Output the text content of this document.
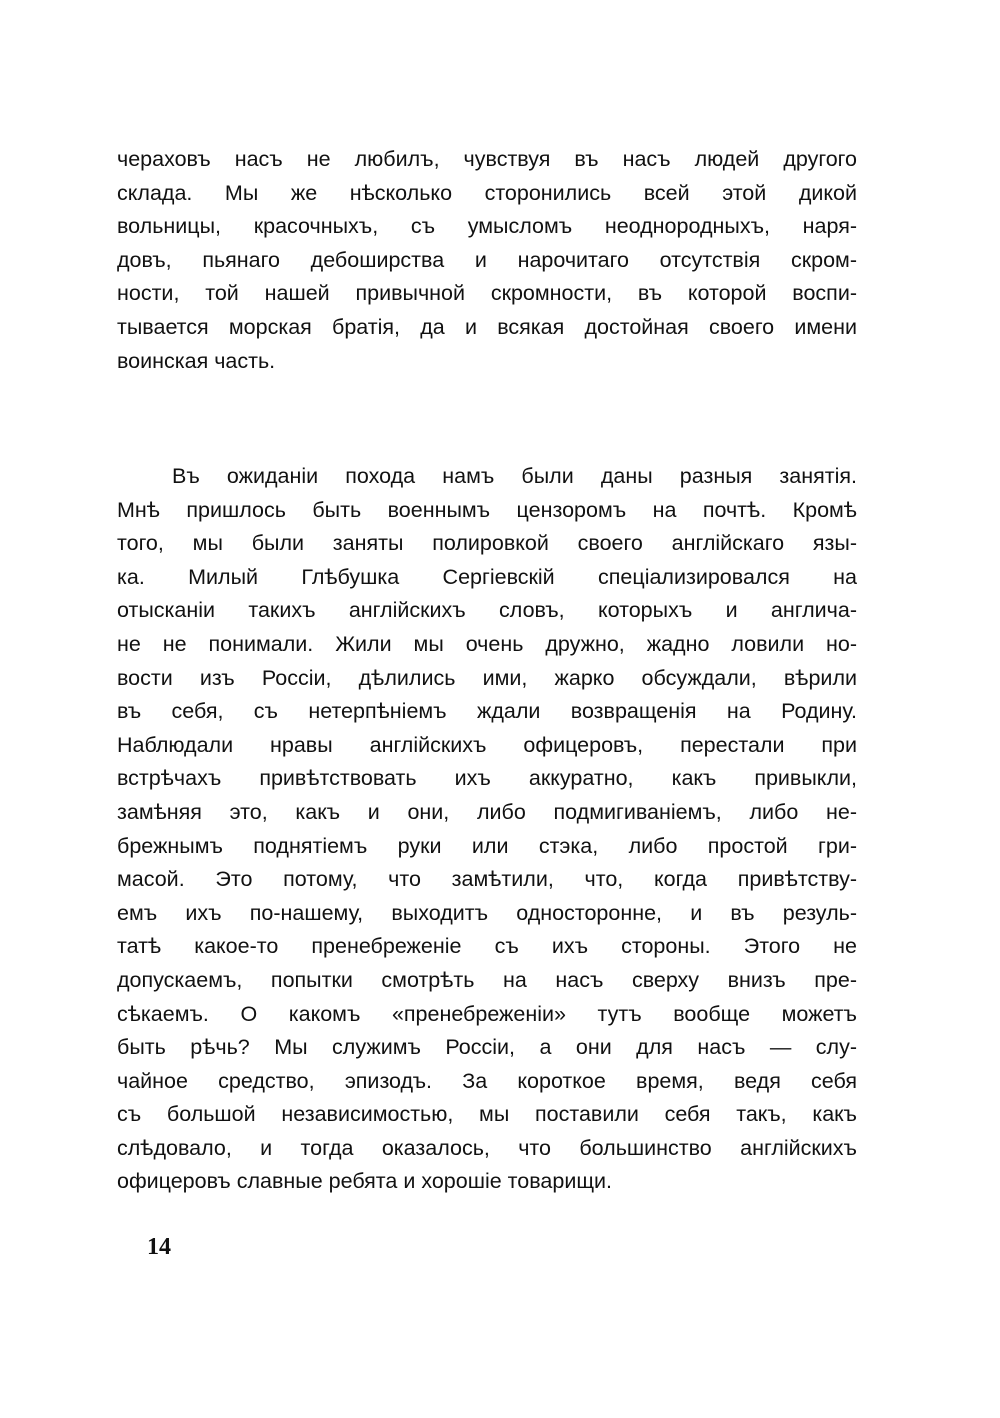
чераховъ насъ не любилъ, чувствуя въ насъ людей другого
склада. Мы же нѣсколько сторонились всей этой дикой
вольницы, красочныхъ, съ умысломъ неоднородныхъ, наря-
довъ, пьянаго дебоширства и нарочитаго отсутствія скром-
ности, той нашей привычной скромности, въ которой воспи-
тывается морская братія, да и всякая достойная своего имени
воинская часть.
Въ ожиданіи похода намъ были даны разныя занятія.
Мнѣ пришлось быть военнымъ цензоромъ на почтѣ. Кромѣ
того, мы были заняты полировкой своего англійскаго язы-
ка. Милый Глѣбушка Сергіевскій спеціализировался на
отысканіи такихъ англійскихъ словъ, которыхъ и англича-
не не понимали. Жили мы очень дружно, жадно ловили но-
вости изъ Россіи, дѣлились ими, жарко обсуждали, вѣрили
въ себя, съ нетерпѣніемъ ждали возвращенія на Родину.
Наблюдали нравы англійскихъ офицеровъ, перестали при
встрѣчахъ привѣтствовать ихъ аккуратно, какъ привыкли,
замѣняя это, какъ и они, либо подмигиваніемъ, либо не-
брежнымъ поднятіемъ руки или стэка, либо простой гри-
масой. Это потому, что замѣтили, что, когда привѣтству-
емъ ихъ по-нашему, выходитъ односторонне, и въ резуль-
татѣ какое-то пренебреженіе съ ихъ стороны. Этого не
допускаемъ, попытки смотрѣть на насъ сверху внизъ пре-
сѣкаемъ. О какомъ «пренебреженіи» тутъ вообще можетъ
быть рѣчь? Мы служимъ Россіи, а они для насъ — слу-
чайное средство, эпизодъ. За короткое время, ведя себя
съ большой независимостью, мы поставили себя такъ, какъ
слѣдовало, и тогда оказалось, что большинство англійскихъ
офицеровъ славные ребята и хорошіе товарищи.
14
